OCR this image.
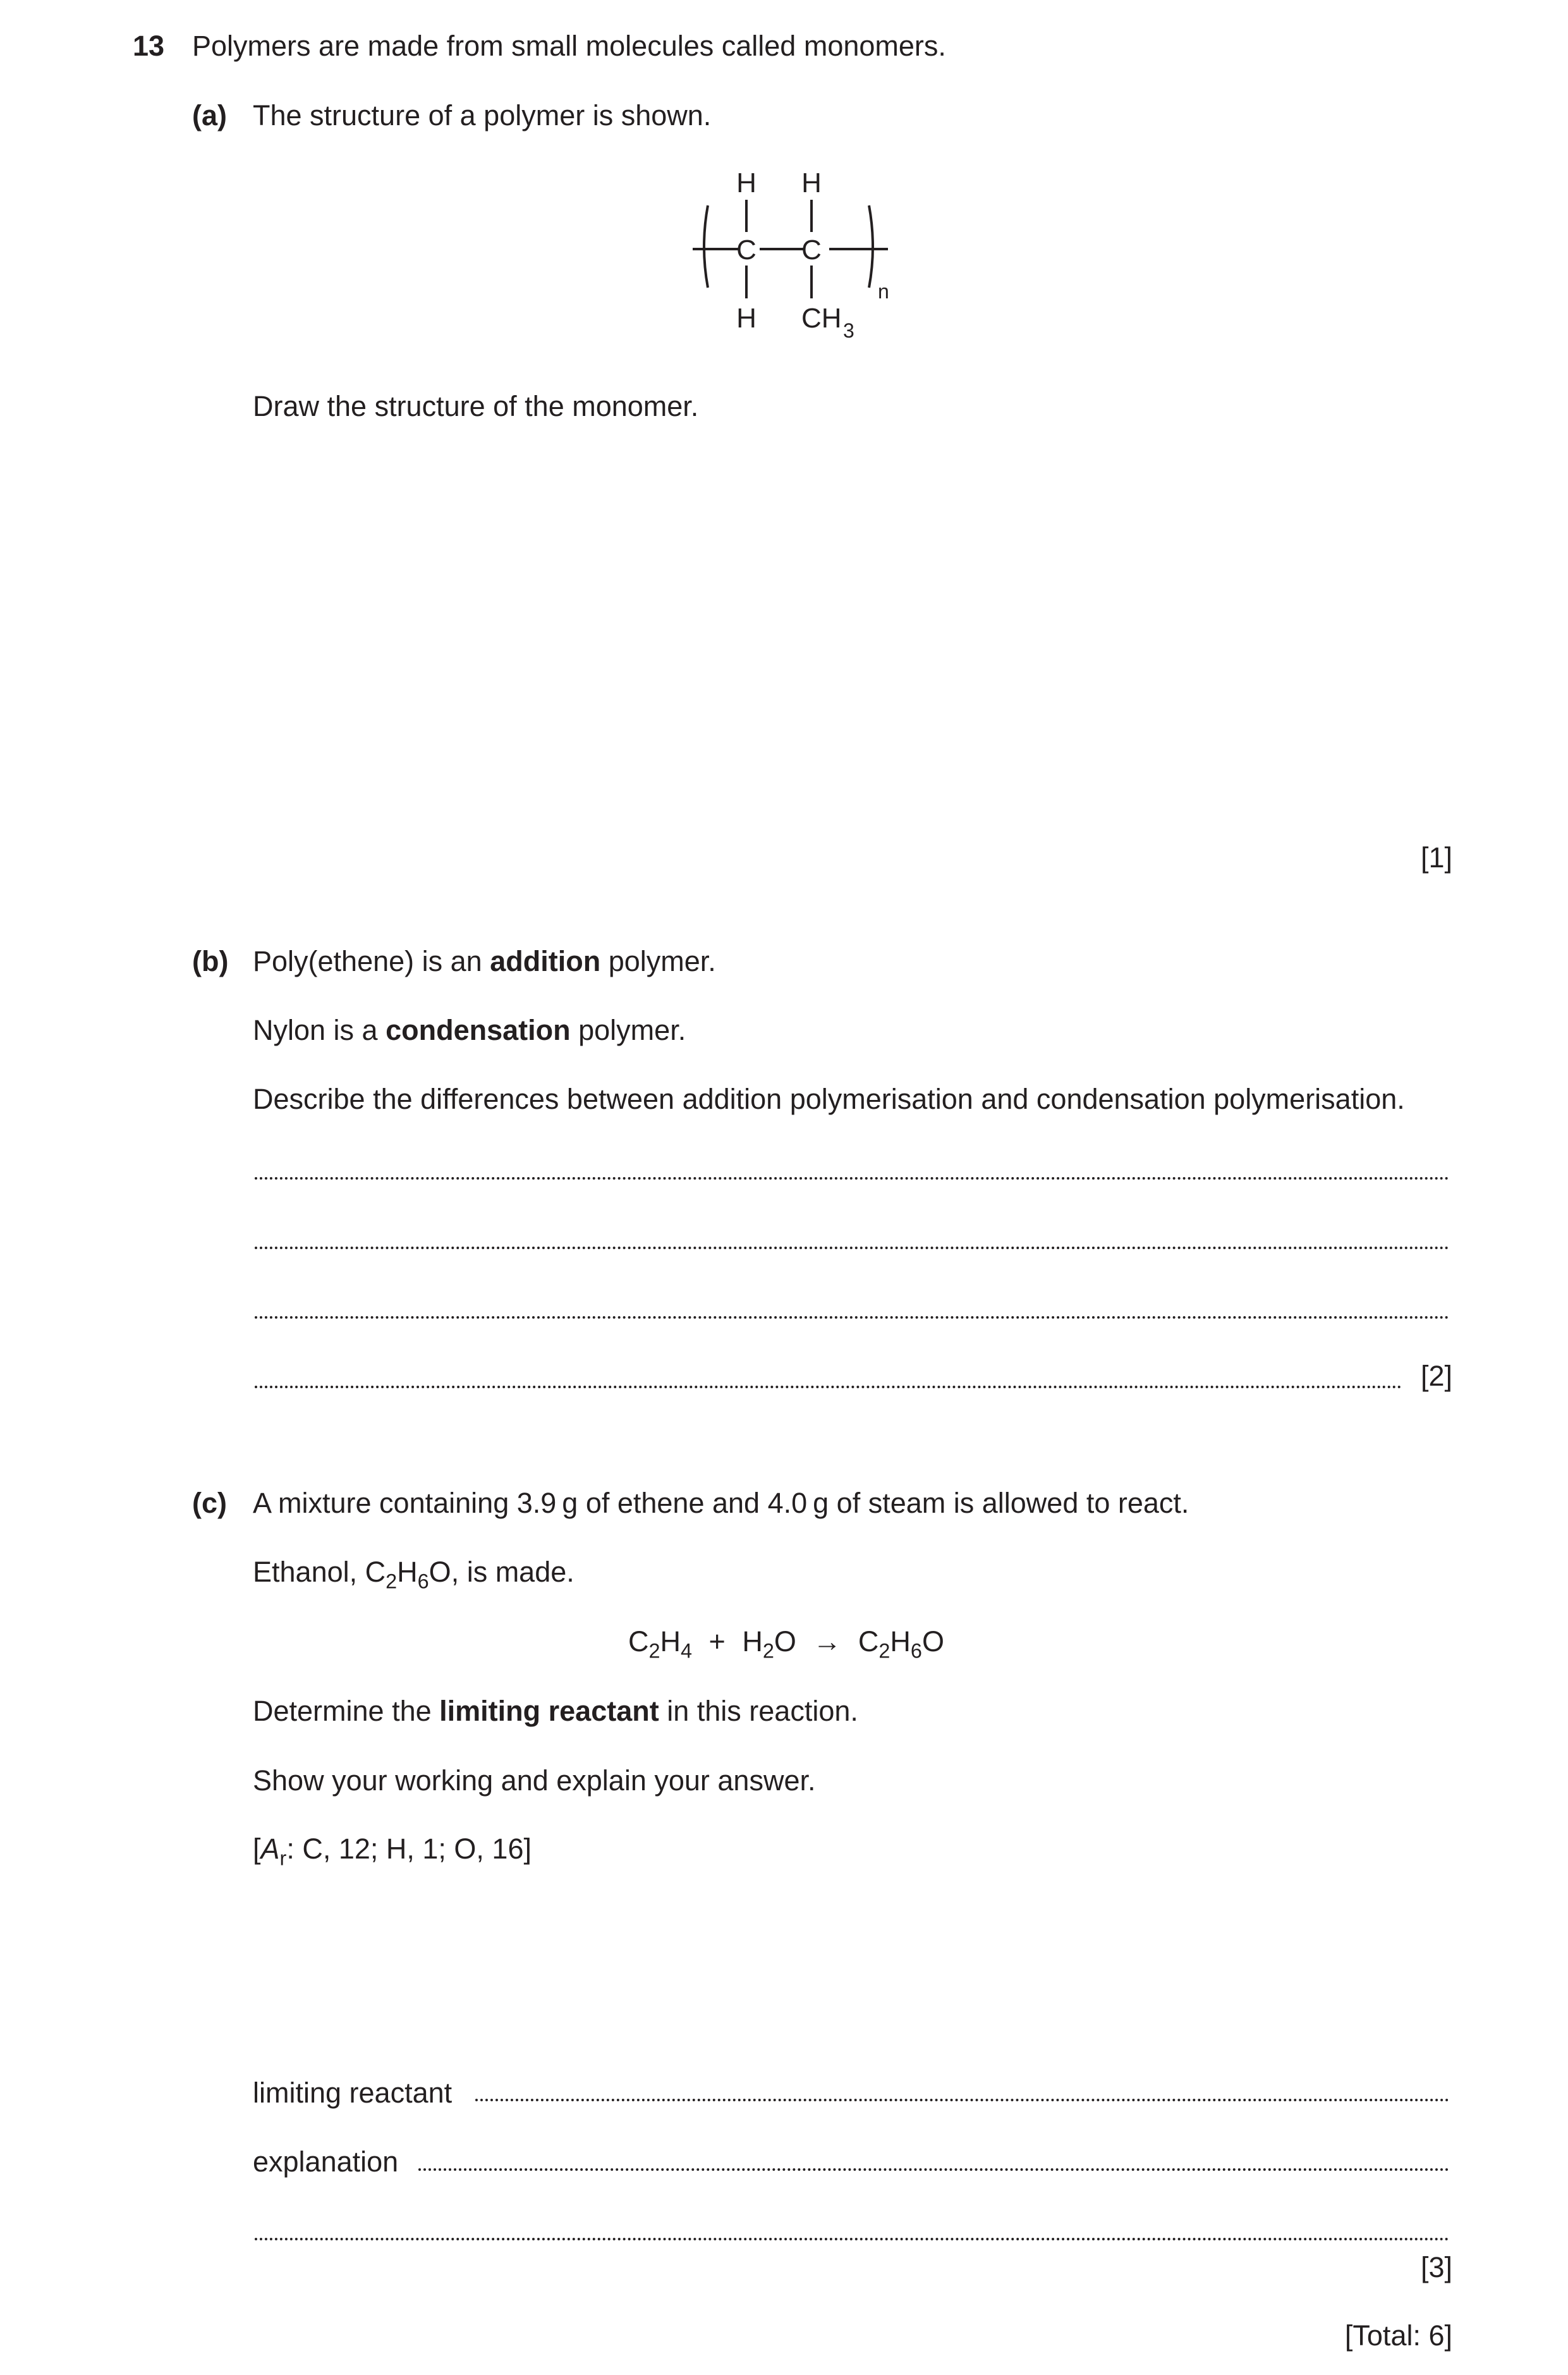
13 Polymers are made from small molecules called monomers.
(a) The structure of a polymer is shown.
H H
C C
H CH 3
n
Draw the structure of the monomer.
[1]
(b) Poly(ethene) is an addition polymer.
Nylon is a condensation polymer.
Describe the differences between addition polymerisation and condensation polymerisation.
[2]
(c) A mixture containing 3.9 g of ethene and 4.0 g of steam is allowed to react.
Ethanol, $C_2H_6O$, is made.
$C_2H_4 + H_2O \to C_2H_6O$
Determine the limiting reactant in this reaction.
Show your working and explain your answer.
[$A_r$: C, 12; H, 1; O, 16]
limiting reactant
explanation
[3]
[Total: 6]
